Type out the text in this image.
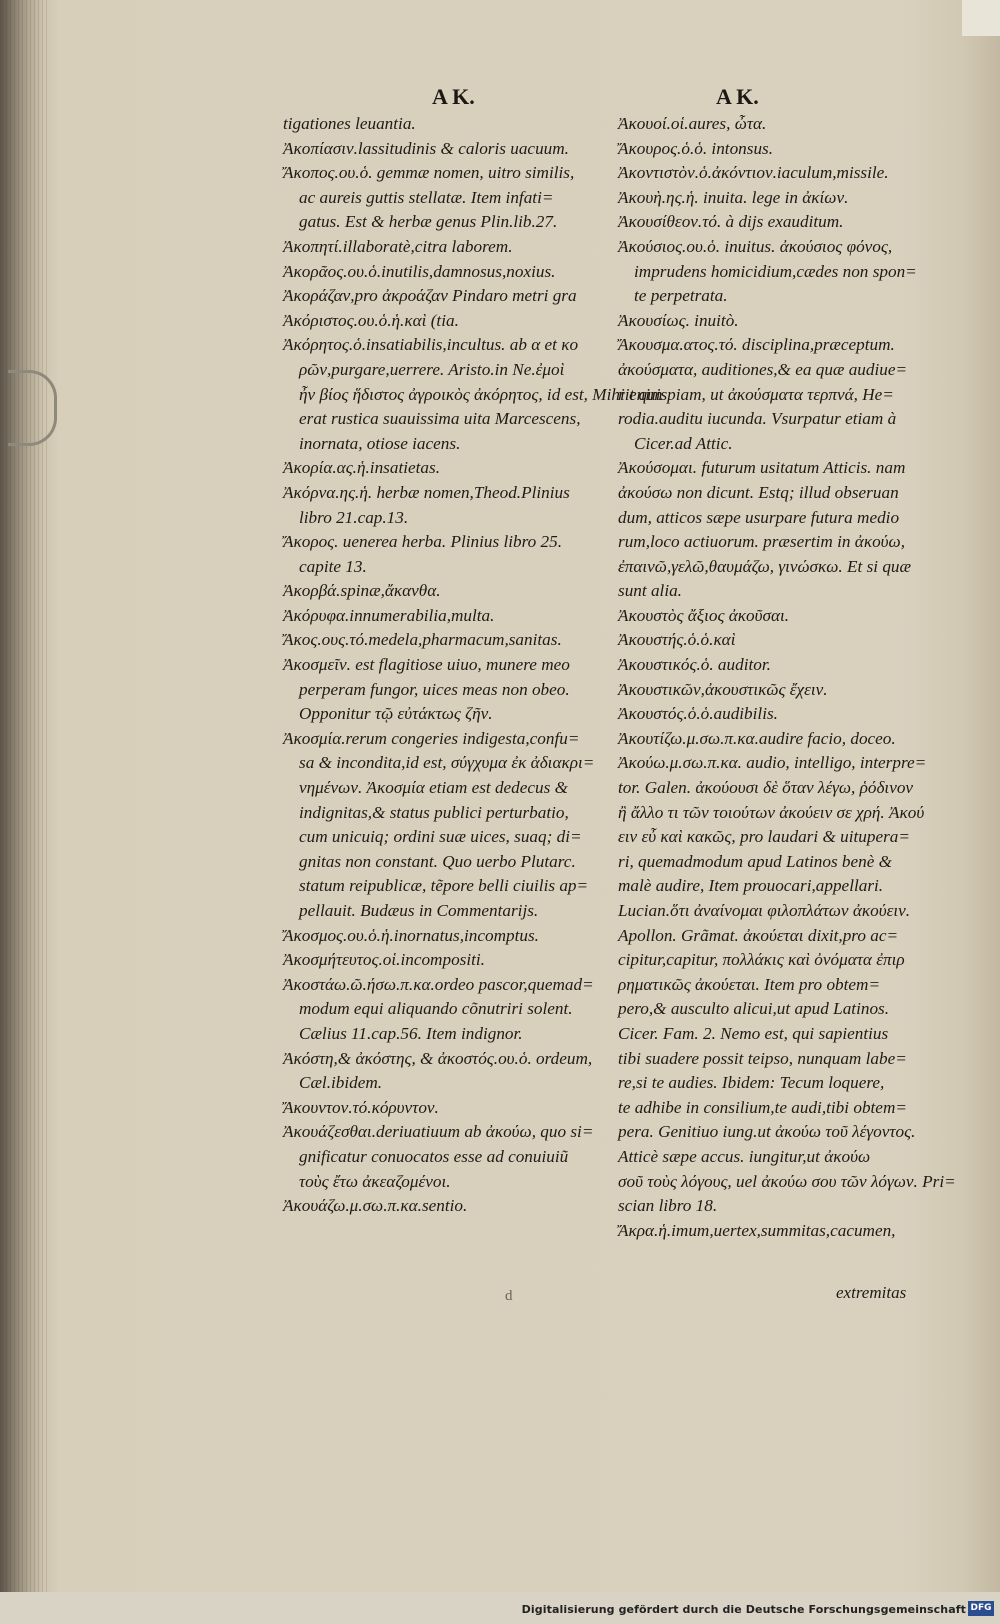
A K.	A K.
tigationes leuantia.
Ἀκοπίασιν.lassitudinis & caloris uacuum.
Ἄκοπος.ου.ὁ. gemmæ nomen, uitro similis,
ac aureis guttis stellatæ. Item infati=
gatus. Est & herbæ genus Plin.lib.27.
Ἀκοπητί.illaboratè,citra laborem.
Ἀκορᾶος.ου.ὁ.inutilis,damnosus,noxius.
Ἀκοράζαν,pro ἀκροάζαν Pindaro metri gra
Ἀκόριστος.ου.ὁ.ἡ.καὶ (tia.
Ἀκόρητος.ὁ.insatiabilis,incultus. ab α et κο
ρῶν,purgare,uerrere. Aristo.in Ne.ἐμοὶ
ἦν βίος ἥδιστος ἀγροικὸς ἀκόρητος, id est, Mihi enim
erat rustica suauissima uita Marcescens,
inornata, otiose iacens.
Ἀκορία.ας.ἡ.insatietas.
Ἀκόρνα.ης.ἡ. herbæ nomen,Theod.Plinius
libro 21.cap.13.
Ἄκορος. uenerea herba. Plinius libro 25.
capite 13.
Ἀκορβά.spinæ,ἄκανθα.
Ἀκόρυφα.innumerabilia,multa.
Ἄκος.ους.τό.medela,pharmacum,sanitas.
Ἀκοσμεῖν. est flagitiose uiuo, munere meo
perperam fungor, uices meas non obeo.
Opponitur τῷ εὐτάκτως ζῆν.
Ἀκοσμία.rerum congeries indigesta,confu=
sa & incondita,id est, σύγχυμα ἐκ ἀδιακρι=
νημένων. Ἀκοσμία etiam est dedecus &
indignitas,& status publici perturbatio,
cum unicuiq; ordini suæ uices, suaq; di=
gnitas non constant. Quo uerbo Plutarc.
statum reipublicæ, tẽpore belli ciuilis ap=
pellauit. Budæus in Commentarijs.
Ἄκοσμος.ου.ὁ.ἡ.inornatus,incomptus.
Ἀκοσμήτευτος.οἱ.incompositi.
Ἀκοστάω.ῶ.ήσω.π.κα.ordeo pascor,quemad=
modum equi aliquando cõnutriri solent.
Cælius 11.cap.56. Item indignor.
Ἀκόστη,& ἀκόστης, & ἀκοστός.ου.ὁ. ordeum,
Cæl.ibidem.
Ἄκουντον.τό.κόρυντον.
Ἀκουάζεσθαι.deriuatiuum ab ἀκούω, quo si=
gnificatur conuocatos esse ad conuiuiũ
τοὺς ἔτω ἀκεαζομένοι.
Ἀκουάζω.μ.σω.π.κα.sentio.
Ἀκουοί.οἱ.aures, ὦτα.
Ἄκουρος.ὁ.ὁ. intonsus.
Ἀκοντιστὸν.ὁ.ἀκόντιον.iaculum,missile.
Ἀκουὴ.ης.ἡ. inuita. lege in ἀκίων.
Ἀκουσίθεον.τό. à dijs exauditum.
Ἀκούσιος.ου.ὁ. inuitus. ἀκούσιος φόνος,
imprudens homicidium,cædes non spon=
te perpetrata.
Ἀκουσίως. inuitò.
Ἄκουσμα.ατος.τό. disciplina,præceptum.
ἀκούσματα, auditiones,& ea quæ audiue=
rit quispiam, ut ἀκούσματα τερπνά, He=
rodia.auditu iucunda. Vsurpatur etiam à
Cicer.ad Attic.
Ἀκούσομαι. futurum usitatum Atticis. nam
ἀκούσω non dicunt. Estq; illud obseruan
dum, atticos sæpe usurpare futura medio
rum,loco actiuorum. præsertim in ἀκούω,
ἐπαινῶ,γελῶ,θαυμάζω, γινώσκω. Et si quæ
sunt alia.
Ἀκουστὸς ἄξιος ἀκοῦσαι.
Ἀκουστής.ὁ.ὁ.καὶ
Ἀκουστικός.ὁ. auditor.
Ἀκουστικῶν,ἀκουστικῶς ἔχειν.
Ἀκουστός.ὁ.ὁ.audibilis.
Ἀκουτίζω.μ.σω.π.κα.audire facio, doceo.
Ἀκούω.μ.σω.π.κα. audio, intelligo, interpre=
tor. Galen. ἀκούουσι δὲ ὅταν λέγω, ῥόδινον
ἢ ἄλλο τι τῶν τοιούτων ἀκούειν σε χρή. Ἀκού
ειν εὖ καὶ κακῶς, pro laudari & uitupera=
ri, quemadmodum apud Latinos benè &
malè audire, Item prouocari,appellari.
Lucian.ὅτι ἀναίνομαι φιλοπλάτων ἀκούειν.
Apollon. Grãmat. ἀκούεται dixit,pro ac=
cipitur,capitur, πολλάκις καὶ ὀνόματα ἐπιρ
ρηματικῶς ἀκούεται. Item pro obtem=
pero,& ausculto alicui,ut apud Latinos.
Cicer. Fam. 2. Nemo est, qui sapientius
tibi suadere possit teipso, nunquam labe=
re,si te audies. Ibidem: Tecum loquere,
te adhibe in consilium,te audi,tibi obtem=
pera. Genitiuo iung.ut ἀκούω τοῦ λέγοντος.
Atticè sæpe accus. iungitur,ut ἀκούω
σοῦ τοὺς λόγους, uel ἀκούω σου τῶν λόγων. Pri=
scian libro 18.
Ἄκρα.ἡ.imum,uertex,summitas,cacumen,
d	extremitas
Digitalisierung gefördert durch die Deutsche Forschungsgemeinschaft DFG
